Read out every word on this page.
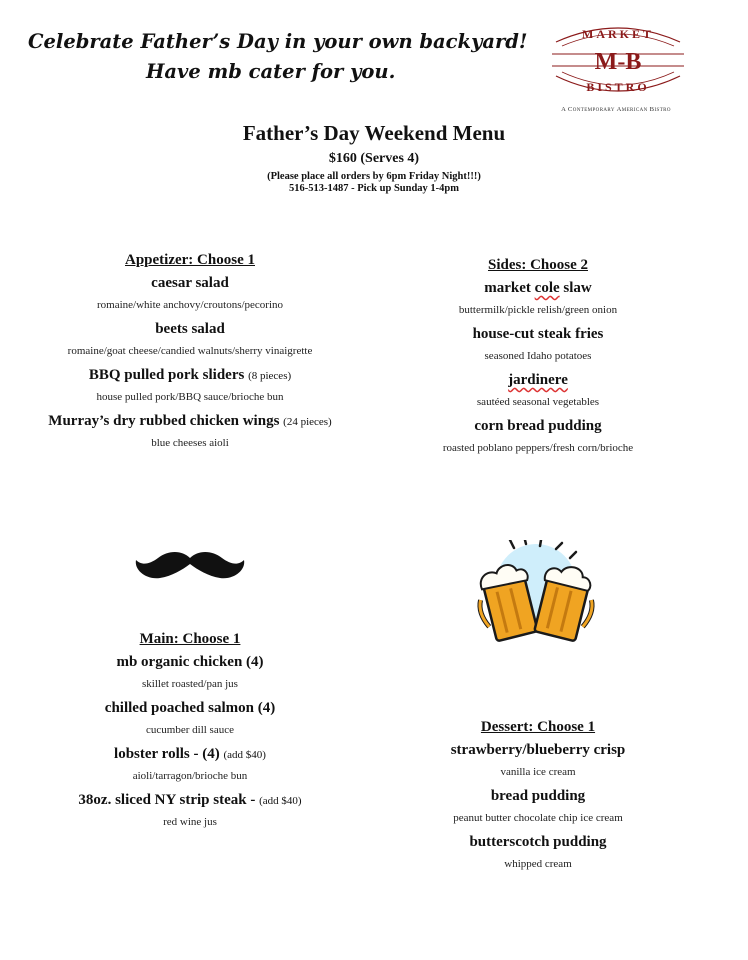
Celebrate Father’s Day in your own backyard!
Have mb cater for you.
MARKET
M-B
BISTRO
A Contemporary American Bistro
Father’s Day Weekend Menu
$160 (Serves 4)
(Please place all orders by 6pm Friday Night!!!)
516-513-1487 - Pick up Sunday 1-4pm
Appetizer: Choose 1
caesar salad
romaine/white anchovy/croutons/pecorino
beets salad
romaine/goat cheese/candied walnuts/sherry vinaigrette
BBQ pulled pork sliders (8 pieces)
house pulled pork/BBQ sauce/brioche bun
Murray’s dry rubbed chicken wings (24 pieces)
blue cheeses aioli
Sides: Choose 2
market cole slaw
buttermilk/pickle relish/green onion
house-cut steak fries
seasoned Idaho potatoes
jardinere
sautéed seasonal vegetables
corn bread pudding
roasted poblano peppers/fresh corn/brioche
Main: Choose 1
mb organic chicken (4)
skillet roasted/pan jus
chilled poached salmon (4)
cucumber dill sauce
lobster rolls - (4) (add $40)
aioli/tarragon/brioche bun
38oz. sliced NY strip steak - (add $40)
red wine jus
Dessert: Choose 1
strawberry/blueberry crisp
vanilla ice cream
bread pudding
peanut butter chocolate chip ice cream
butterscotch pudding
whipped cream
